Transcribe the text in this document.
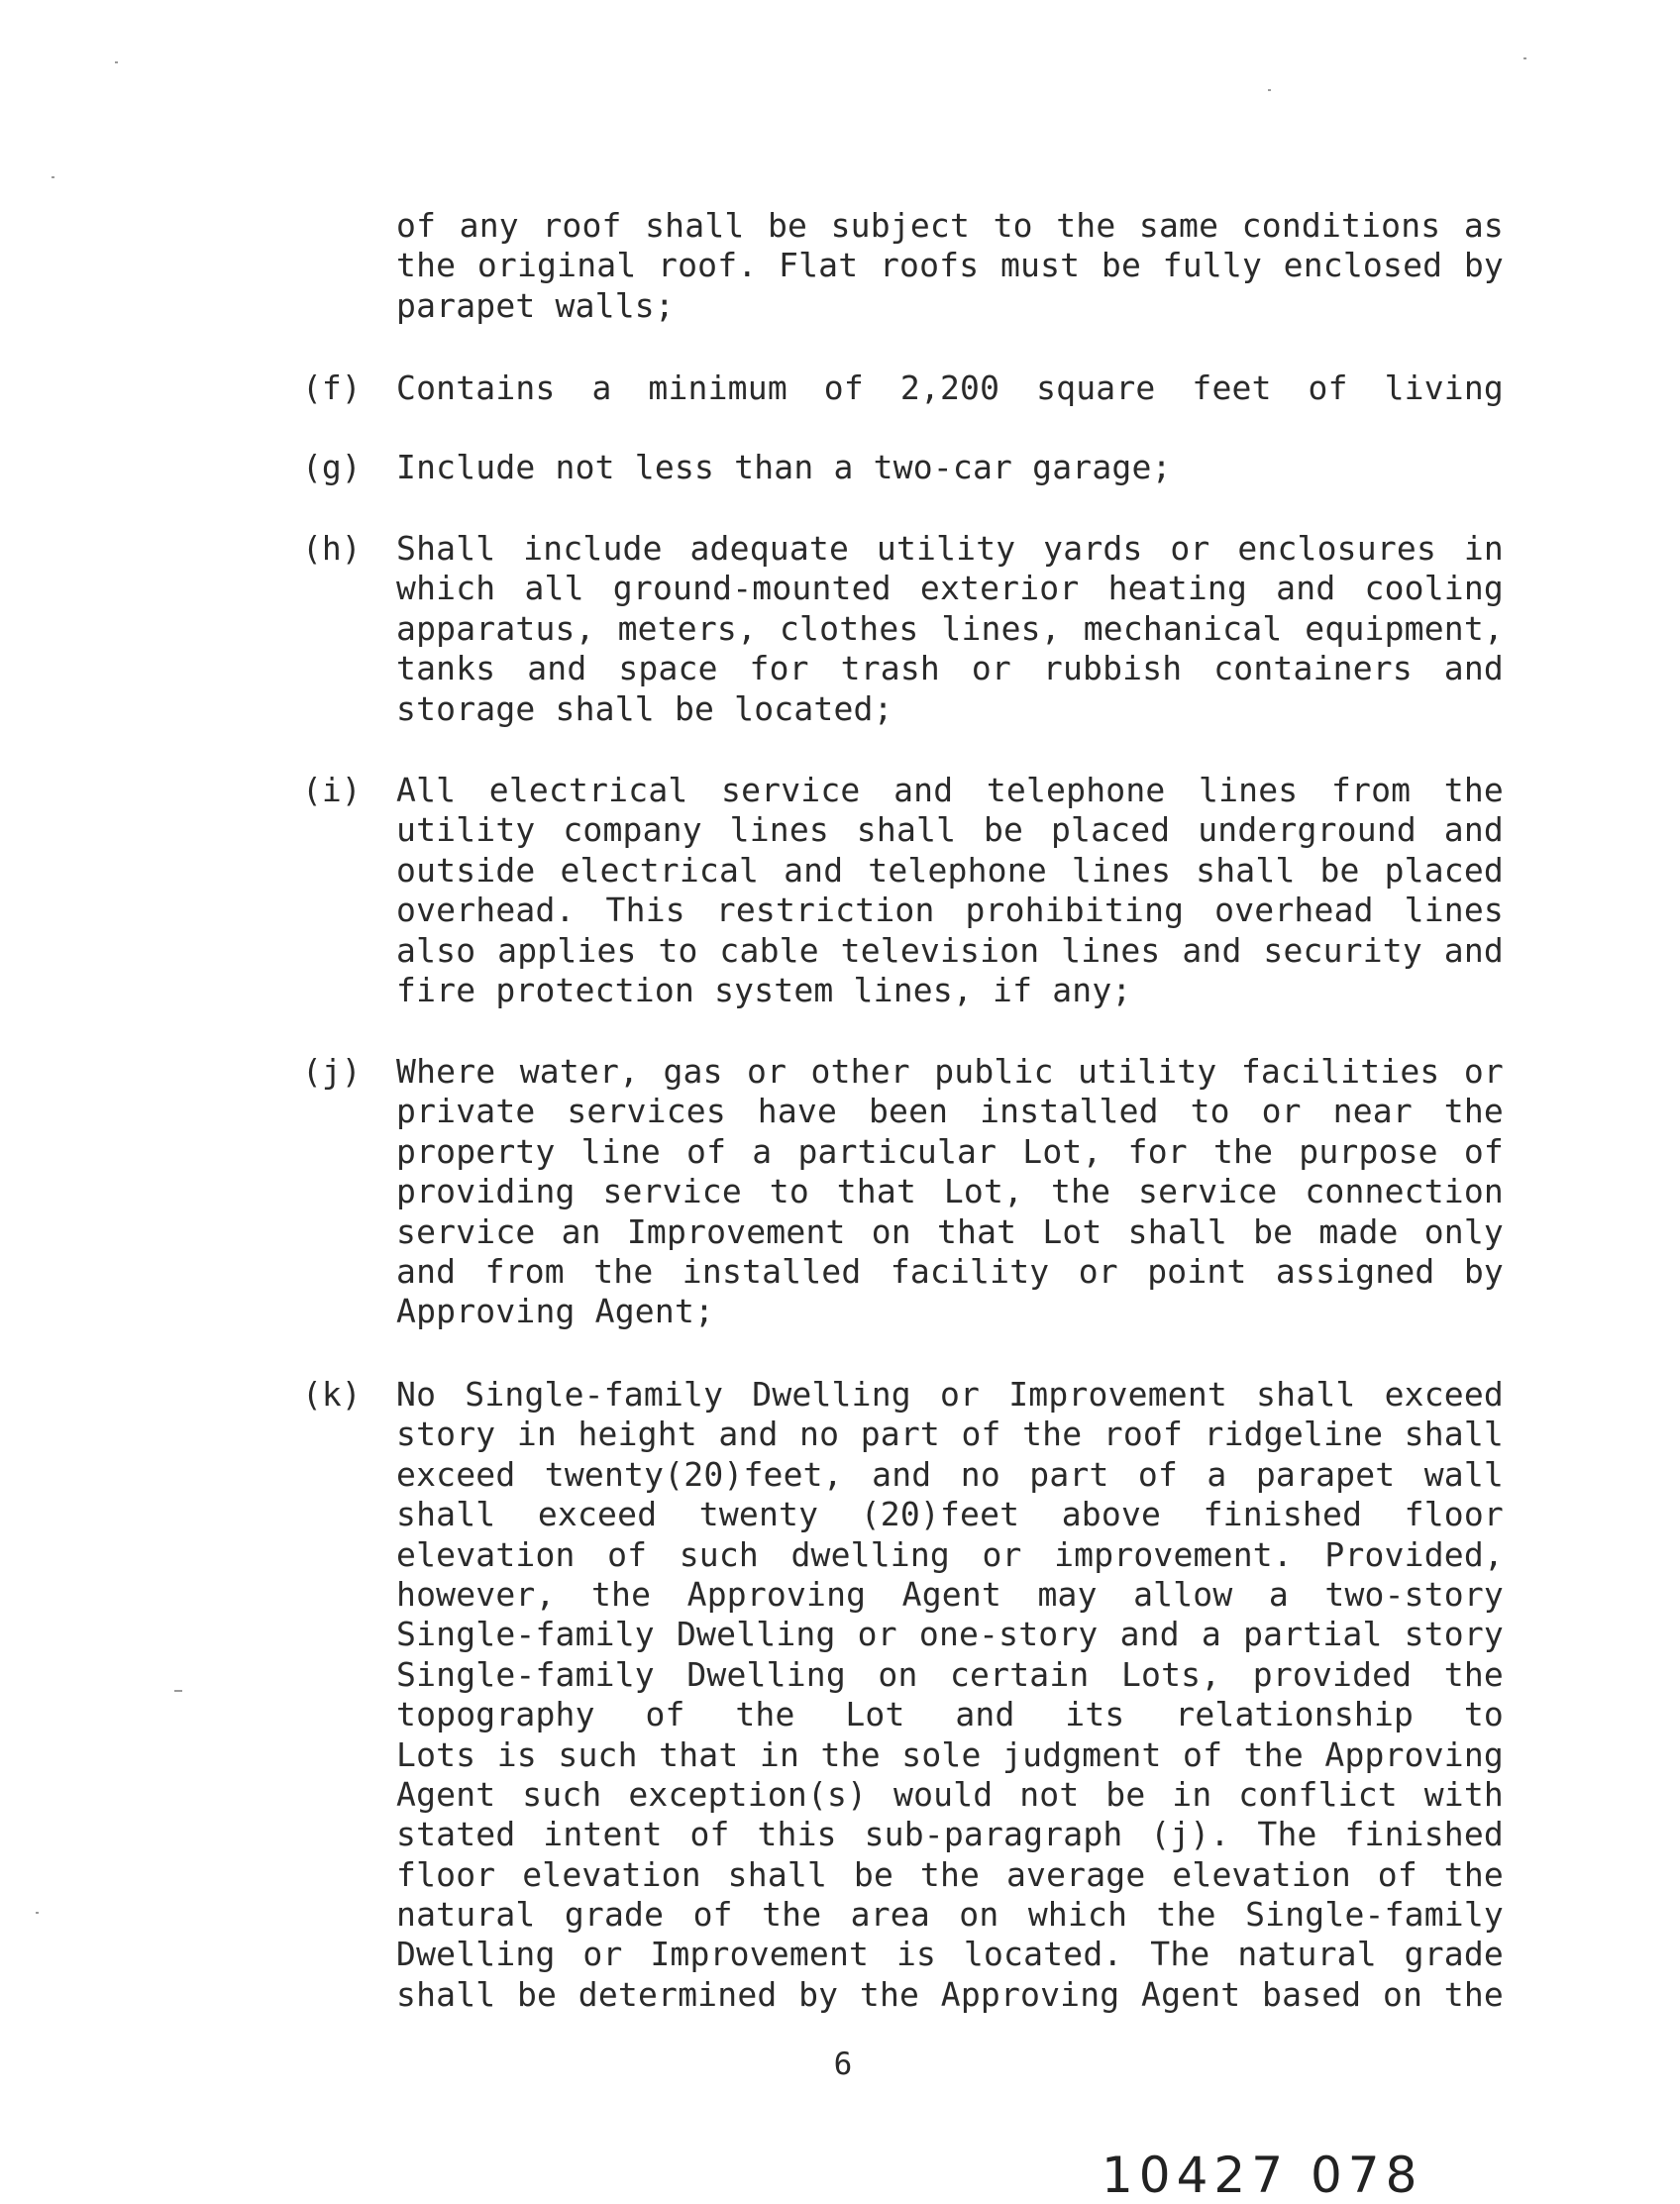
of any roof shall be subject to the same conditions as
the original roof. Flat roofs must be fully enclosed by
parapet walls;
(f) Contains a minimum of 2,200 square feet of living
(g) Include not less than a two-car garage;
(h) Shall include adequate utility yards or enclosures in
which all ground-mounted exterior heating and cooling
apparatus, meters, clothes lines, mechanical equipment,
tanks and space for trash or rubbish containers and
storage shall be located;
(i) All electrical service and telephone lines from the
utility company lines shall be placed underground and
outside electrical and telephone lines shall be placed
overhead. This restriction prohibiting overhead lines
also applies to cable television lines and security and
fire protection system lines, if any;
(j) Where water, gas or other public utility facilities or
private services have been installed to or near the
property line of a particular Lot, for the purpose of
providing service to that Lot, the service connection
service an Improvement on that Lot shall be made only
and from the installed facility or point assigned by
Approving Agent;
(k) No Single-family Dwelling or Improvement shall exceed
story in height and no part of the roof ridgeline shall
exceed twenty(20)feet, and no part of a parapet wall
shall exceed twenty (20)feet above finished floor
elevation of such dwelling or improvement. Provided,
however, the Approving Agent may allow a two-story
Single-family Dwelling or one-story and a partial story
Single-family Dwelling on certain Lots, provided the
topography of the Lot and its relationship to
Lots is such that in the sole judgment of the Approving
Agent such exception(s) would not be in conflict with
stated intent of this sub-paragraph (j). The finished
floor elevation shall be the average elevation of the
natural grade of the area on which the Single-family
Dwelling or Improvement is located. The natural grade
shall be determined by the Approving Agent based on the
6
10427 078
